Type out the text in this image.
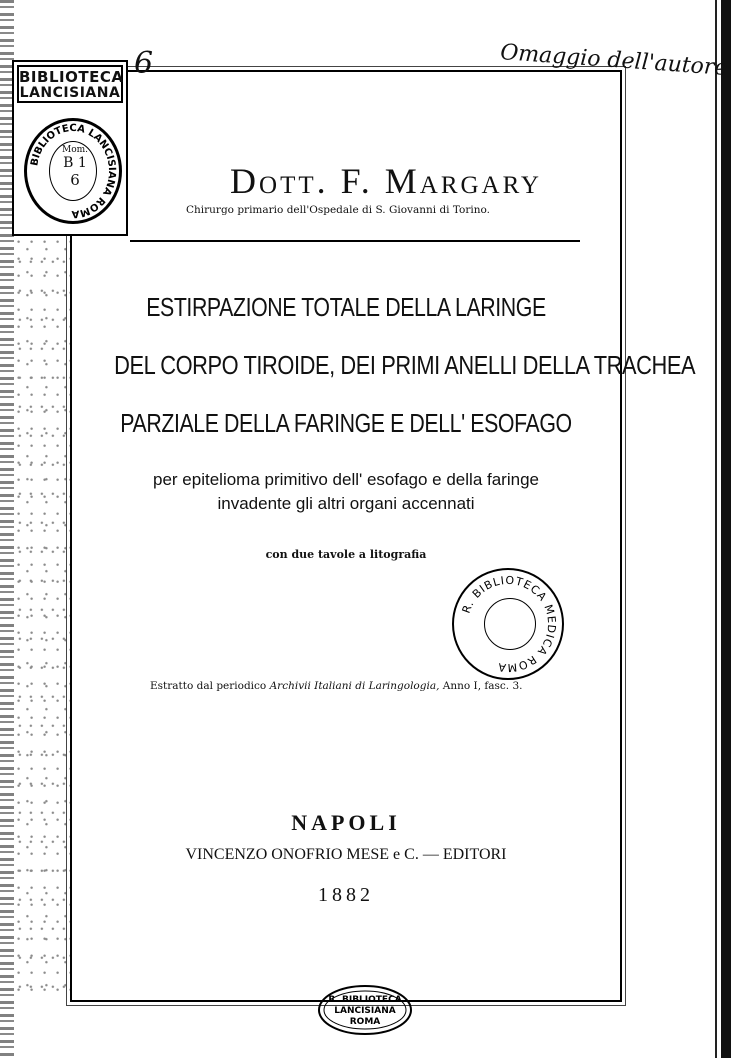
BIBLIOTECA
LANCISIANA
BIBLIOTECA LANCISIANA ROMA
Mom.
B 1
6
6	Omaggio dell'autore
Dott. F. Margary
Chirurgo primario dell'Ospedale di S. Giovanni di Torino.
ESTIRPAZIONE TOTALE DELLA LARINGE
DEL CORPO TIROIDE, DEI PRIMI ANELLI DELLA TRACHEA
PARZIALE DELLA FARINGE E DELL' ESOFAGO
per epitelioma primitivo dell' esofago e della faringe
invadente gli altri organi accennati
con due tavole a litografia
R. BIBLIOTECA MEDICA ROMA
Estratto dal periodico Archivii Italiani di Laringologia, Anno I, fasc. 3.
NAPOLI
VINCENZO ONOFRIO MESE e C. — EDITORI
1882
R. BIBLIOTECA
LANCISIANA
ROMA
